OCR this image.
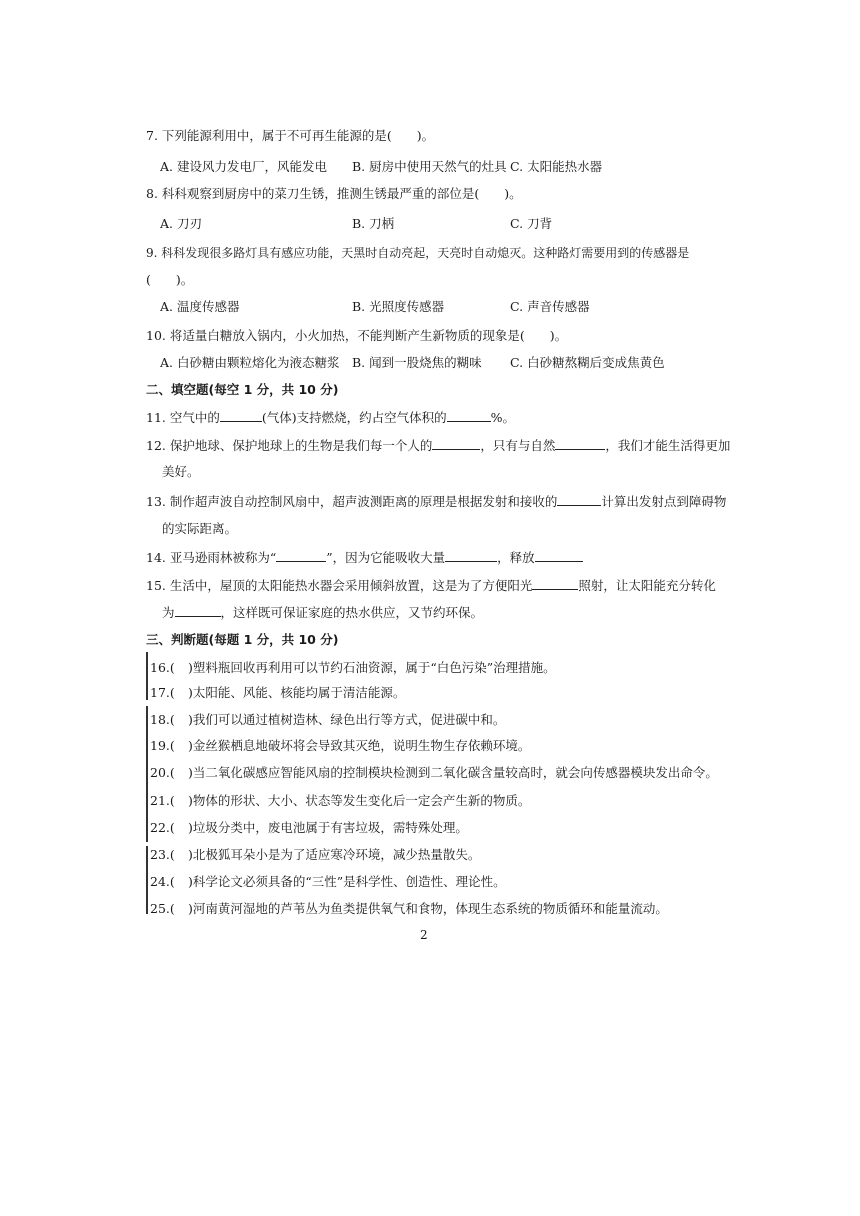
7. 下列能源利用中，属于不可再生能源的是(　　)。
A. 建设风力发电厂，风能发电 B. 厨房中使用天然气的灶具 C. 太阳能热水器
8. 科科观察到厨房中的菜刀生锈，推测生锈最严重的部位是(　　)。
A. 刀刃	B. 刀柄	C. 刀背
9. 科科发现很多路灯具有感应功能，天黑时自动亮起，天亮时自动熄灭。这种路灯需要用到的传感器是
(　　)。
A. 温度传感器	B. 光照度传感器	C. 声音传感器
10. 将适量白糖放入锅内，小火加热，不能判断产生新物质的现象是(　　)。
A. 白砂糖由颗粒熔化为液态糖浆 B. 闻到一股烧焦的糊味 C. 白砂糖熬糊后变成焦黄色
二、填空题(每空 1 分，共 10 分)
11. 空气中的	(气体)支持燃烧，约占空气体积的	%。
12. 保护地球、保护地球上的生物是我们每一个人的	，只有与自然	，我们才能生活得更加
美好。
13. 制作超声波自动控制风扇中，超声波测距离的原理是根据发射和接收的	计算出发射点到障碍物
的实际距离。
14. 亚马逊雨林被称为“	”，因为它能吸收大量	，释放
15. 生活中，屋顶的太阳能热水器会采用倾斜放置，这是为了方便阳光	照射，让太阳能充分转化
为	，这样既可保证家庭的热水供应，又节约环保。
三、判断题(每题 1 分，共 10 分)
16.( )塑料瓶回收再利用可以节约石油资源，属于“白色污染”治理措施。
17.( )太阳能、风能、核能均属于清洁能源。
18.( )我们可以通过植树造林、绿色出行等方式，促进碳中和。
19.( )金丝猴栖息地破坏将会导致其灭绝，说明生物生存依赖环境。
20.( )当二氧化碳感应智能风扇的控制模块检测到二氧化碳含量较高时，就会向传感器模块发出命令。
21.( )物体的形状、大小、状态等发生变化后一定会产生新的物质。
22.( )垃圾分类中，废电池属于有害垃圾，需特殊处理。
23.( )北极狐耳朵小是为了适应寒冷环境，减少热量散失。
24.( )科学论文必须具备的“三性”是科学性、创造性、理论性。
25.( )河南黄河湿地的芦苇丛为鱼类提供氧气和食物，体现生态系统的物质循环和能量流动。
2
